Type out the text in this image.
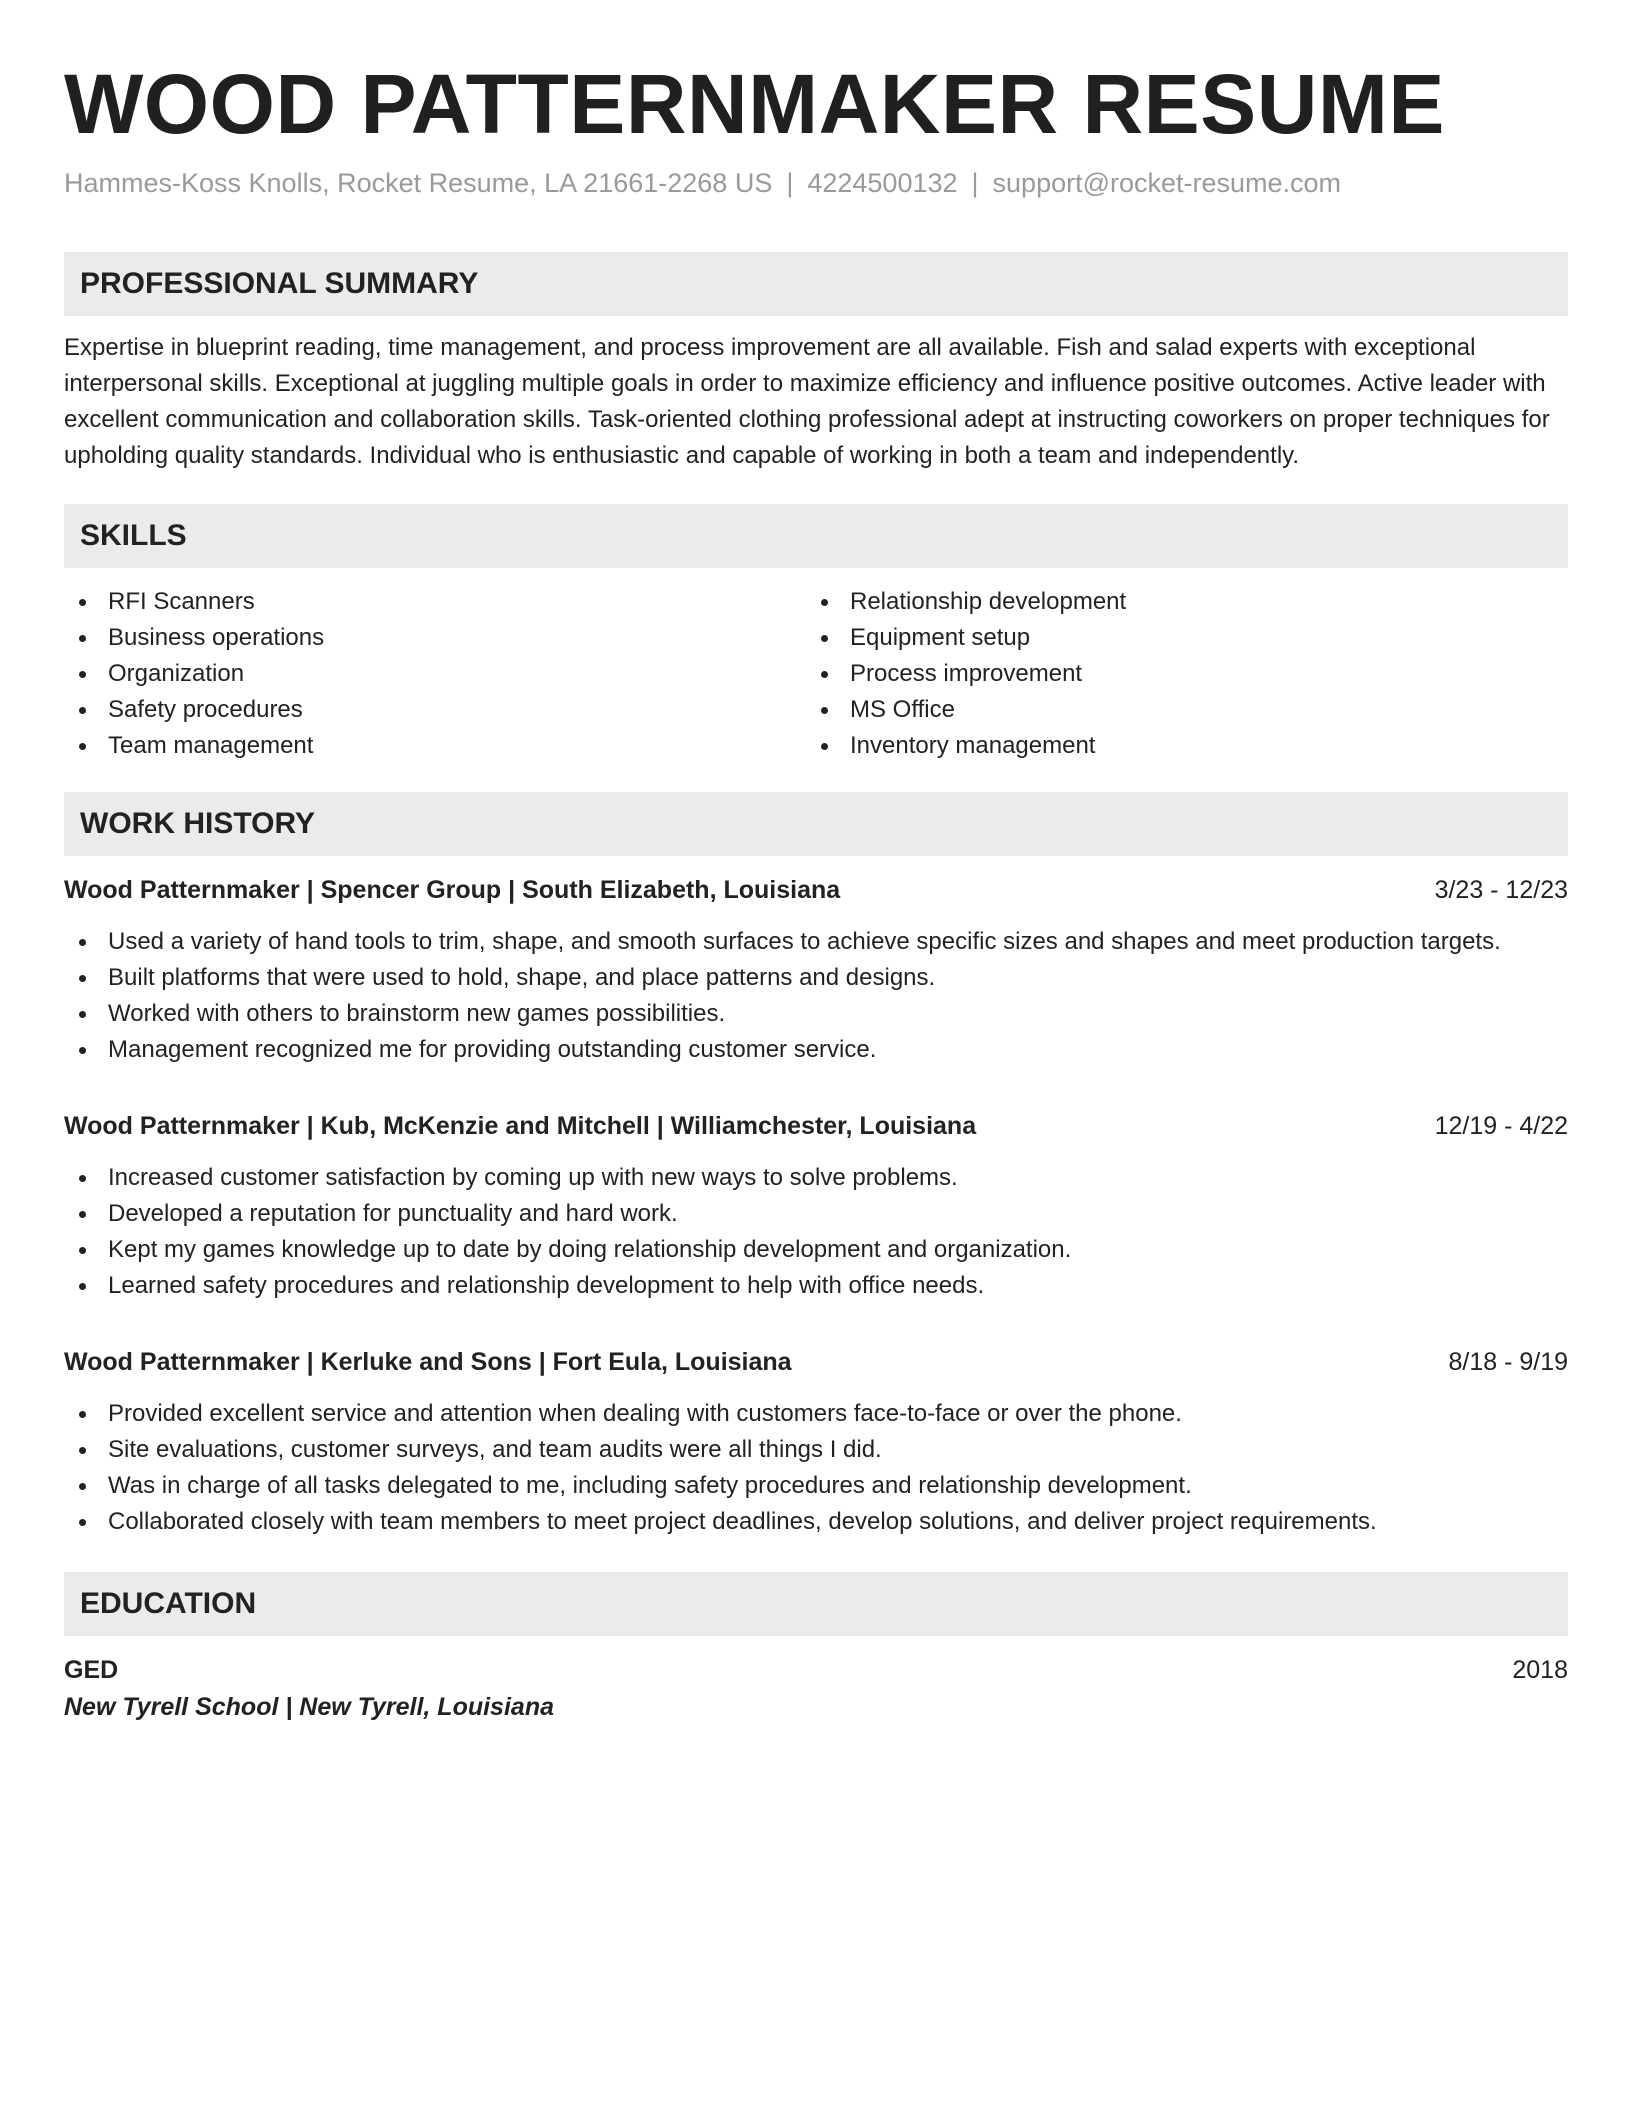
WOOD PATTERNMAKER RESUME
Hammes-Koss Knolls, Rocket Resume, LA 21661-2268 US | 4224500132 | support@rocket-resume.com
PROFESSIONAL SUMMARY

Expertise in blueprint reading, time management, and process improvement are all available. Fish and salad experts with exceptional interpersonal skills. Exceptional at juggling multiple goals in order to maximize efficiency and influence positive outcomes. Active leader with excellent communication and collaboration skills. Task-oriented clothing professional adept at instructing coworkers on proper techniques for upholding quality standards. Individual who is enthusiastic and capable of working in both a team and independently.

SKILLS
RFI Scanners
Business operations
Organization
Safety procedures
Team management
Relationship development
Equipment setup
Process improvement
MS Office
Inventory management
WORK HISTORY
Wood Patternmaker | Spencer Group | South Elizabeth, Louisiana	3/23 - 12/23
Used a variety of hand tools to trim, shape, and smooth surfaces to achieve specific sizes and shapes and meet production targets.
Built platforms that were used to hold, shape, and place patterns and designs.
Worked with others to brainstorm new games possibilities.
Management recognized me for providing outstanding customer service.
Wood Patternmaker | Kub, McKenzie and Mitchell | Williamchester, Louisiana	12/19 - 4/22
Increased customer satisfaction by coming up with new ways to solve problems.
Developed a reputation for punctuality and hard work.
Kept my games knowledge up to date by doing relationship development and organization.
Learned safety procedures and relationship development to help with office needs.
Wood Patternmaker | Kerluke and Sons | Fort Eula, Louisiana	8/18 - 9/19
Provided excellent service and attention when dealing with customers face-to-face or over the phone.
Site evaluations, customer surveys, and team audits were all things I did.
Was in charge of all tasks delegated to me, including safety procedures and relationship development.
Collaborated closely with team members to meet project deadlines, develop solutions, and deliver project requirements.
EDUCATION
GED	2018
New Tyrell School | New Tyrell, Louisiana
